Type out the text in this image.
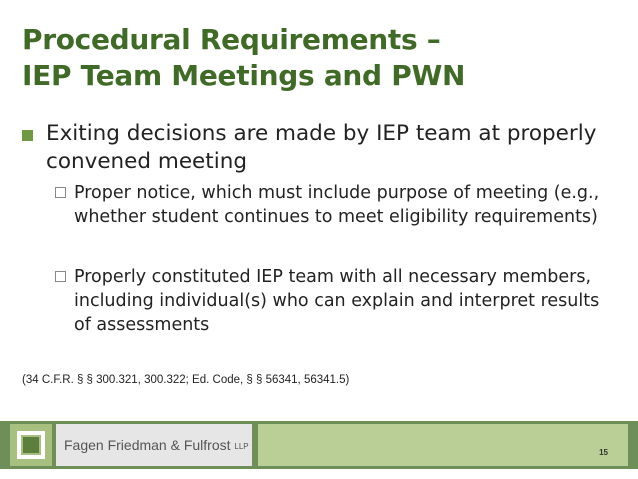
Procedural Requirements –
IEP Team Meetings and PWN
Exiting decisions are made by IEP team at properly convened meeting
Proper notice, which must include purpose of meeting (e.g., whether student continues to meet eligibility requirements)
Properly constituted IEP team with all necessary members, including individual(s) who can explain and interpret results of assessments
(34 C.F.R. § § 300.321, 300.322; Ed. Code, § § 56341, 56341.5)
Fagen Friedman & Fulfrost LLP
15
